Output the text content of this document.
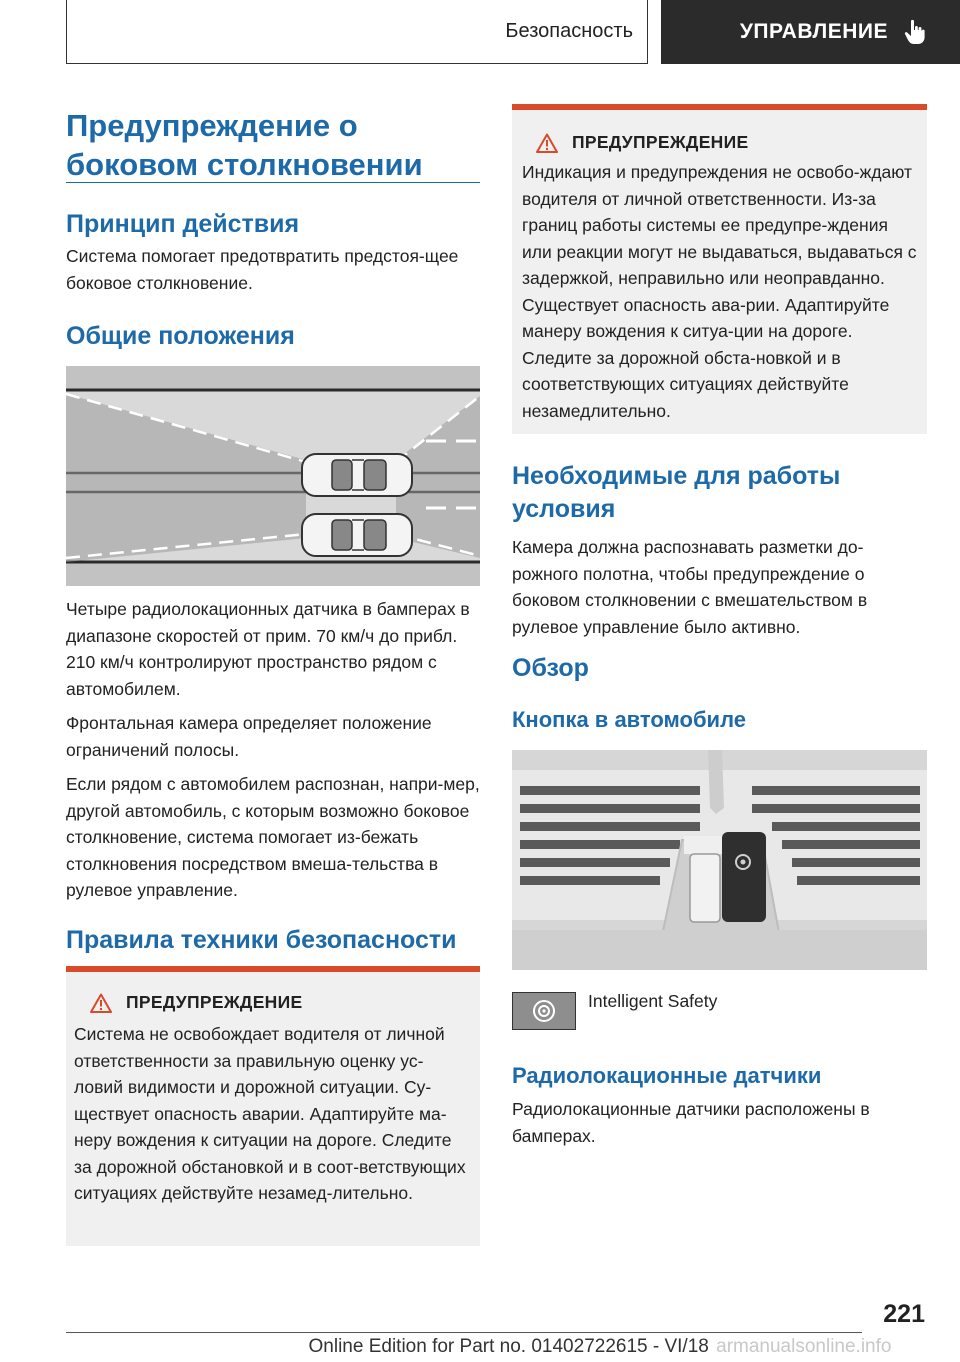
Безопасность	УПРАВЛЕНИЕ
Предупреждение о боковом столкновении
Принцип действия

Система помогает предотвратить предстоя-щее боковое столкновение.

Общие положения

Четыре радиолокационных датчика в бамперах в диапазоне скоростей от прим. 70 км/ч до прибл. 210 км/ч контролируют пространство рядом с автомобилем.

Фронтальная камера определяет положение ограничений полосы.

Если рядом с автомобилем распознан, напри-мер, другой автомобиль, с которым возможно боковое столкновение, система помогает из-бежать столкновения посредством вмеша-тельства в рулевое управление.

Правила техники безопасности
ПРЕДУПРЕЖДЕНИЕ

Система не освобождает водителя от личной ответственности за правильную оценку ус-ловий видимости и дорожной ситуации. Су-ществует опасность аварии. Адаптируйте ма-неру вождения к ситуации на дороге. Следите за дорожной обстановкой и в соот-ветствующих ситуациях действуйте незамед-лительно.

ПРЕДУПРЕЖДЕНИЕ

Индикация и предупреждения не освобо-ждают водителя от личной ответственности. Из-за границ работы системы ее предупре-ждения или реакции могут не выдаваться, выдаваться с задержкой, неправильно или неоправданно. Существует опасность ава-рии. Адаптируйте манеру вождения к ситуа-ции на дороге. Следите за дорожной обста-новкой и в соответствующих ситуациях действуйте незамедлительно.

Необходимые для работы условия

Камера должна распознавать разметки до-рожного полотна, чтобы предупреждение о боковом столкновении с вмешательством в рулевое управление было активно.

Обзор
Кнопка в автомобиле
Intelligent Safety
Радиолокационные датчики

Радиолокационные датчики расположены в бамперах.

221
Online Edition for Part no. 01402722615 - VI/18 armanualsonline.info
